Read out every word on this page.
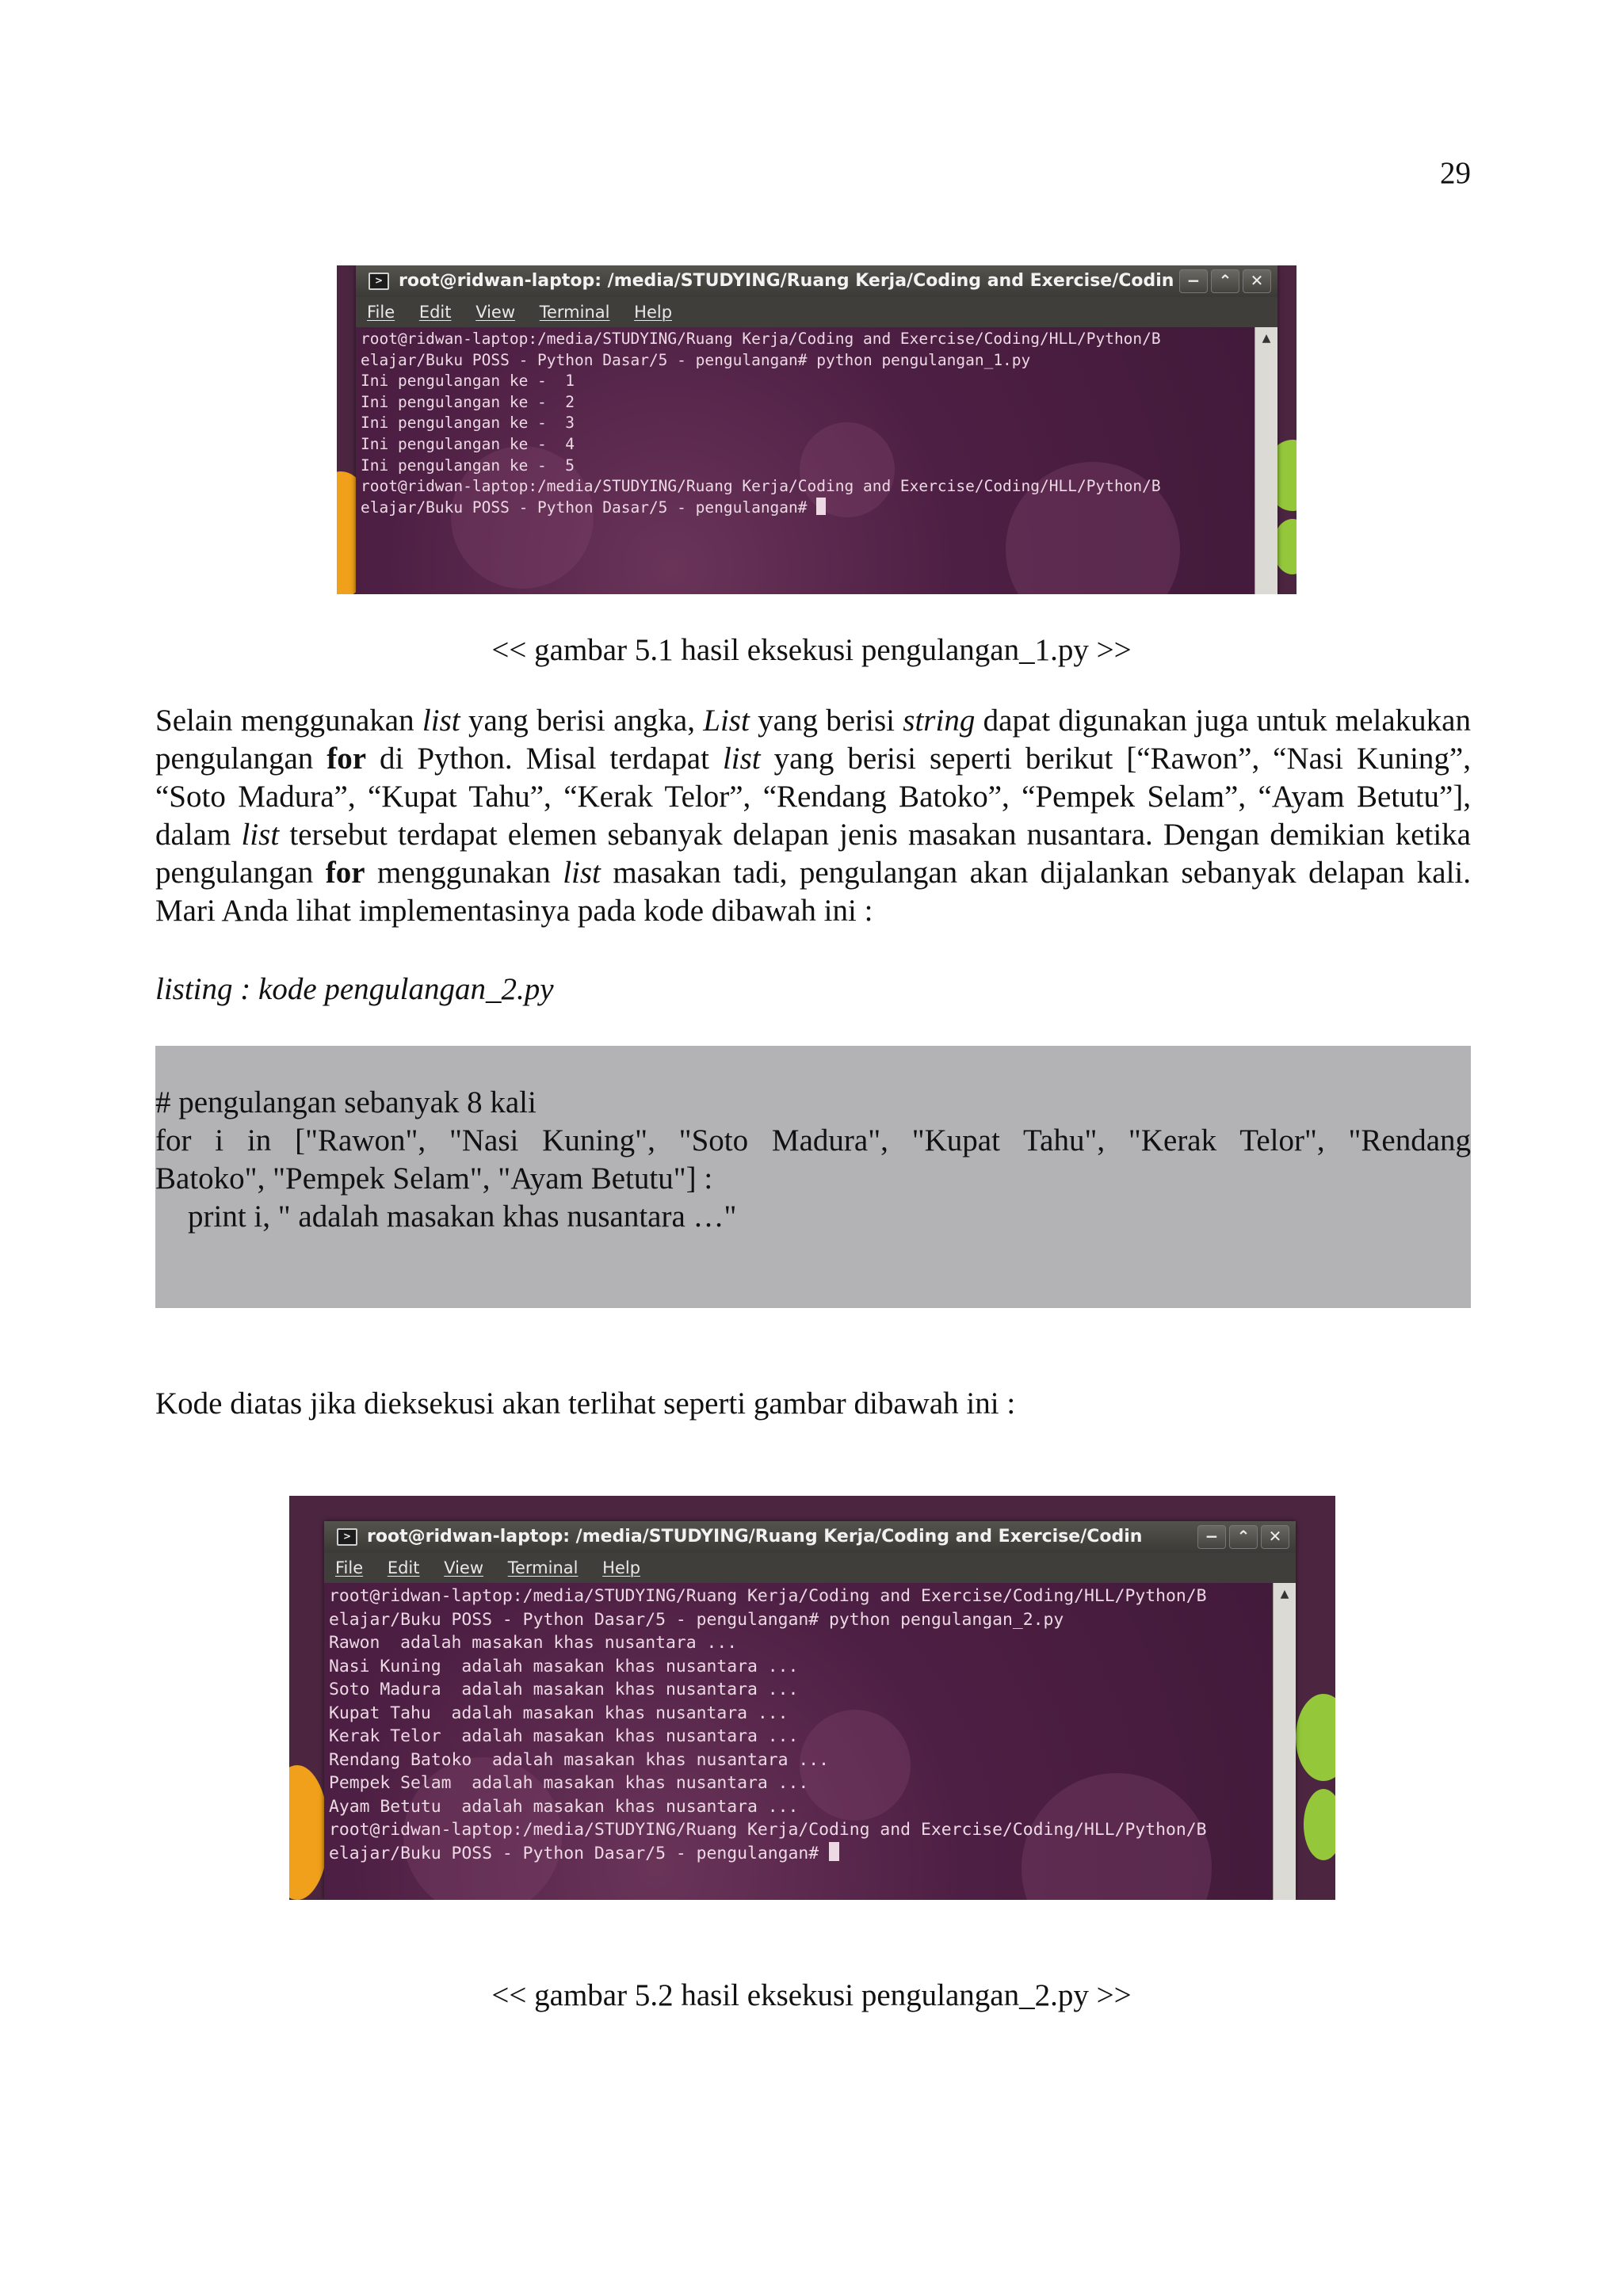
29
> root@ridwan-laptop: /media/STUDYING/Ruang Kerja/Coding and Exercise/Codin −	⌃	✕
File Edit View Terminal Help
root@ridwan-laptop:/media/STUDYING/Ruang Kerja/Coding and Exercise/Coding/HLL/Python/B
elajar/Buku POSS - Python Dasar/5 - pengulangan# python pengulangan_1.py
Ini pengulangan ke -  1
Ini pengulangan ke -  2
Ini pengulangan ke -  3
Ini pengulangan ke -  4
Ini pengulangan ke -  5
root@ridwan-laptop:/media/STUDYING/Ruang Kerja/Coding and Exercise/Coding/HLL/Python/B
elajar/Buku POSS - Python Dasar/5 - pengulangan#
▲
<< gambar 5.1 hasil eksekusi pengulangan_1.py >>

Selain menggunakan list yang berisi angka, List yang berisi string dapat digunakan juga untuk melakukan pengulangan for di Python. Misal terdapat list yang berisi seperti berikut [“Rawon”, “Nasi Kuning”, “Soto Madura”, “Kupat Tahu”, “Kerak Telor”, “Rendang Batoko”, “Pempek Selam”, “Ayam Betutu”], dalam list tersebut terdapat elemen sebanyak delapan jenis masakan nusantara. Dengan demikian ketika pengulangan for menggunakan list masakan tadi, pengulangan akan dijalankan sebanyak delapan kali. Mari Anda lihat implementasinya pada kode dibawah ini :

listing : kode pengulangan_2.py
# pengulangan sebanyak 8 kali
for i in ["Rawon", "Nasi Kuning", "Soto Madura", "Kupat Tahu", "Kerak Telor", "Rendang
Batoko", "Pempek Selam", "Ayam Betutu"] :
print i, " adalah masakan khas nusantara …"
Kode diatas jika dieksekusi akan terlihat seperti gambar dibawah ini :
> root@ridwan-laptop: /media/STUDYING/Ruang Kerja/Coding and Exercise/Codin	−	⌃	✕
File Edit View Terminal Help
root@ridwan-laptop:/media/STUDYING/Ruang Kerja/Coding and Exercise/Coding/HLL/Python/B
elajar/Buku POSS - Python Dasar/5 - pengulangan# python pengulangan_2.py
Rawon  adalah masakan khas nusantara ...
Nasi Kuning  adalah masakan khas nusantara ...
Soto Madura  adalah masakan khas nusantara ...
Kupat Tahu  adalah masakan khas nusantara ...
Kerak Telor  adalah masakan khas nusantara ...
Rendang Batoko  adalah masakan khas nusantara ...
Pempek Selam  adalah masakan khas nusantara ...
Ayam Betutu  adalah masakan khas nusantara ...
root@ridwan-laptop:/media/STUDYING/Ruang Kerja/Coding and Exercise/Coding/HLL/Python/B
elajar/Buku POSS - Python Dasar/5 - pengulangan#
▲
<< gambar 5.2 hasil eksekusi pengulangan_2.py >>
